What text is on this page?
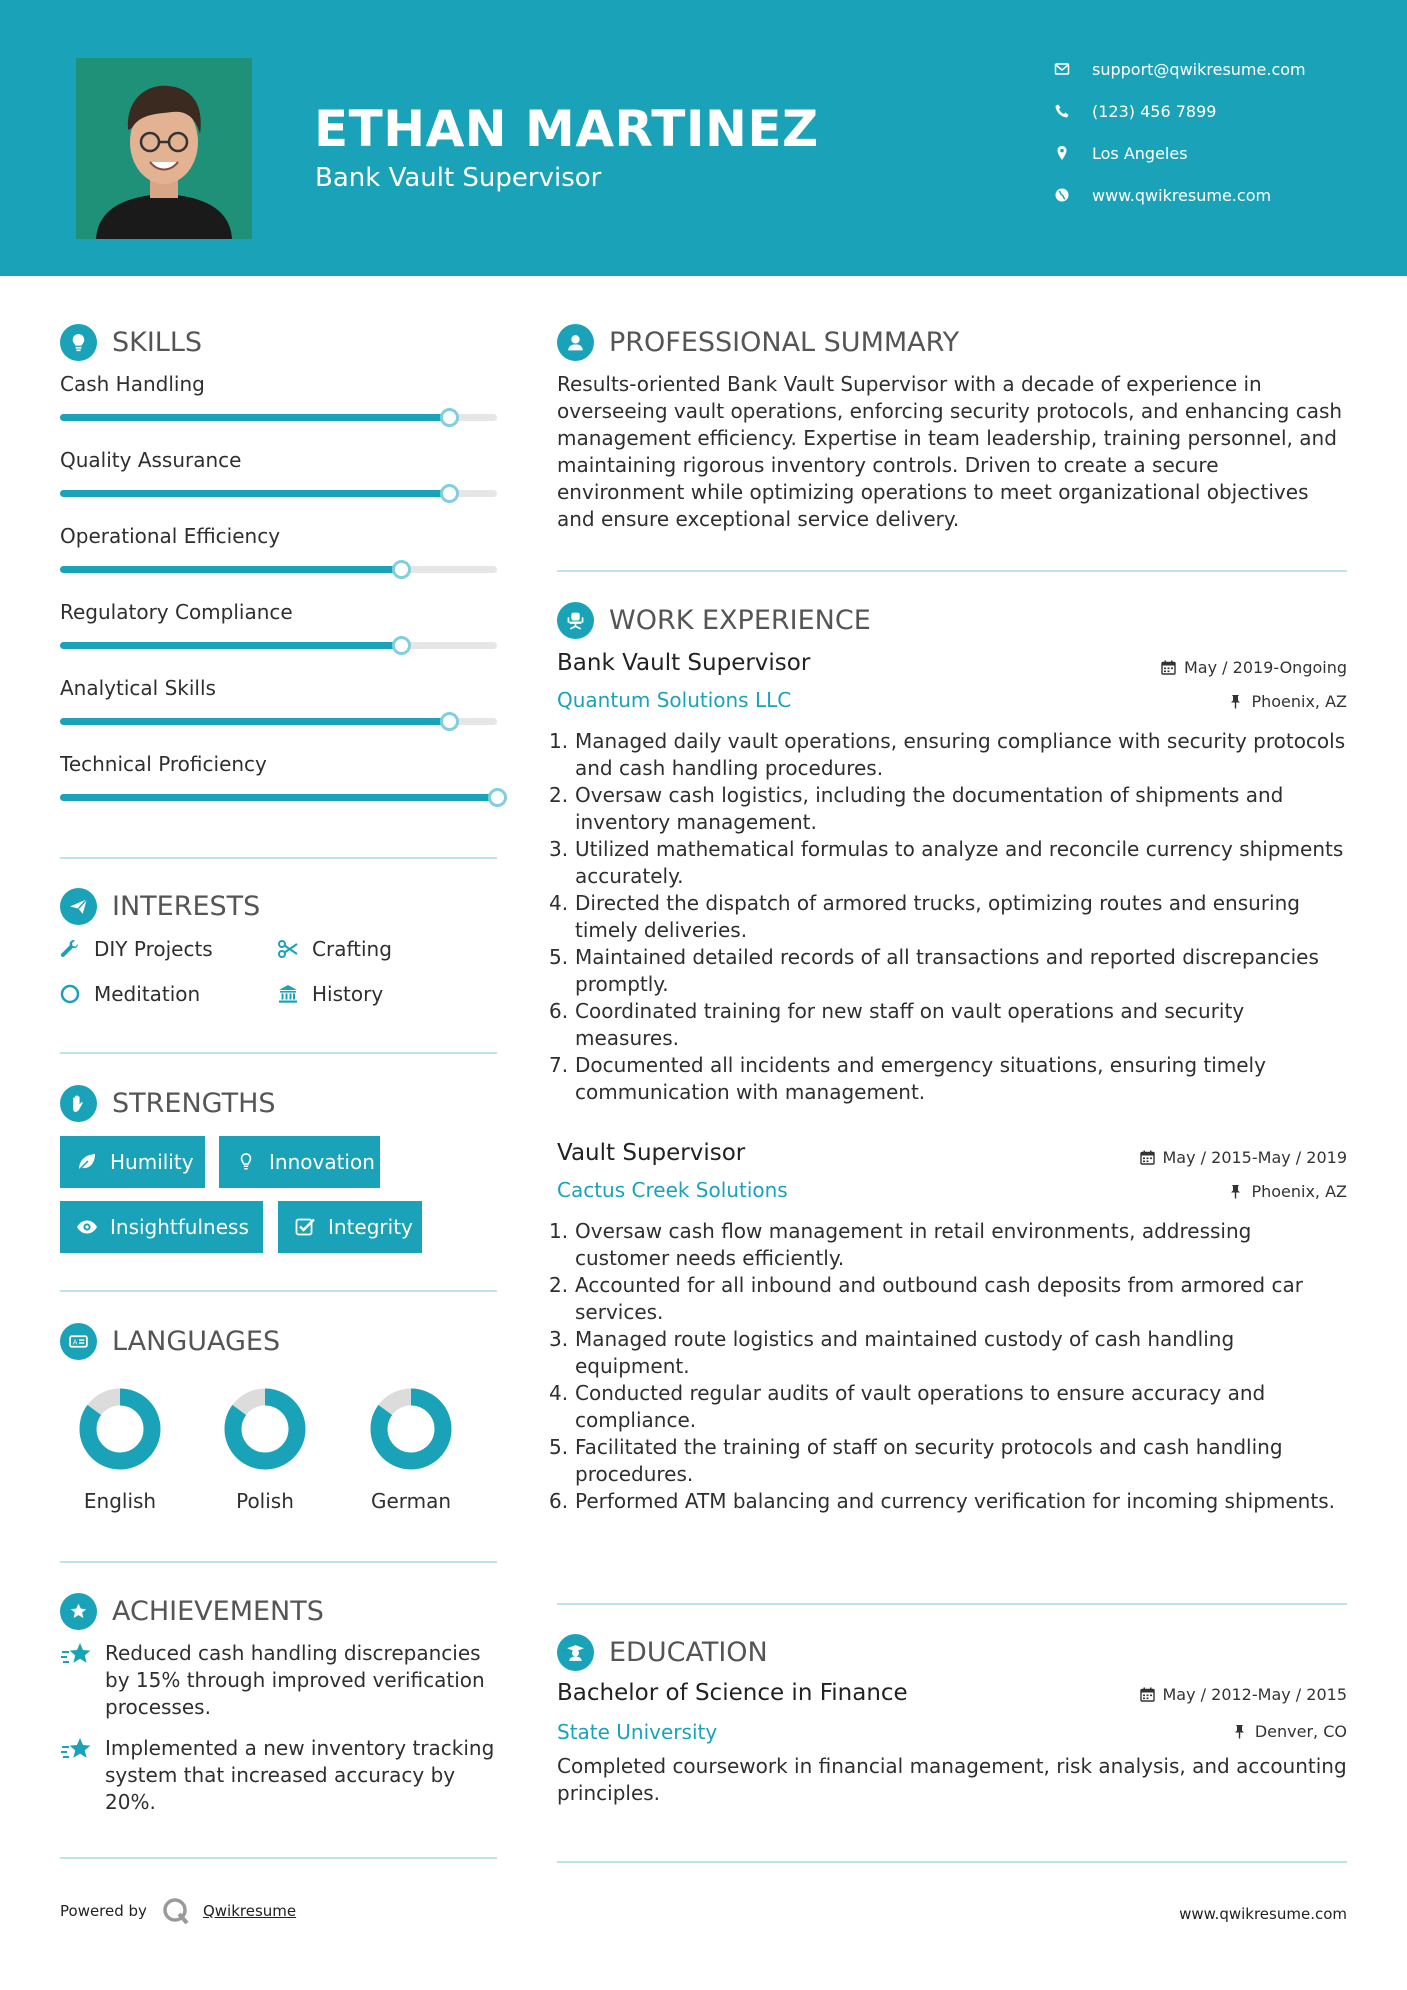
ETHAN MARTINEZ
Bank Vault Supervisor
support@qwikresume.com
(123) 456 7899
Los Angeles
www.qwikresume.com
SKILLS
Cash Handling
Quality Assurance
Operational Efficiency
Regulatory Compliance
Analytical Skills
Technical Proficiency
INTERESTS
DIY Projects	Crafting
Meditation	History
STRENGTHS
Humility	Innovation
Insightfulness	Integrity
A LANGUAGES
English	Polish	German
ACHIEVEMENTS
Reduced cash handling discrepancies by 15% through improved verification processes.
Implemented a new inventory tracking system that increased accuracy by 20%.
PROFESSIONAL SUMMARY
Results-oriented Bank Vault Supervisor with a decade of experience in overseeing vault operations, enforcing security protocols, and enhancing cash management efficiency. Expertise in team leadership, training personnel, and maintaining rigorous inventory controls. Driven to create a secure environment while optimizing operations to meet organizational objectives and ensure exceptional service delivery.
WORK EXPERIENCE
Bank Vault Supervisor
Quantum Solutions LLC
May / 2019-Ongoing
Phoenix, AZ
1. Managed daily vault operations, ensuring compliance with security protocols and cash handling procedures.
2. Oversaw cash logistics, including the documentation of shipments and inventory management.
3. Utilized mathematical formulas to analyze and reconcile currency shipments accurately.
4. Directed the dispatch of armored trucks, optimizing routes and ensuring timely deliveries.
5. Maintained detailed records of all transactions and reported discrepancies promptly.
6. Coordinated training for new staff on vault operations and security measures.
7. Documented all incidents and emergency situations, ensuring timely communication with management.
Vault Supervisor
Cactus Creek Solutions
May / 2015-May / 2019
Phoenix, AZ
1. Oversaw cash flow management in retail environments, addressing customer needs efficiently.
2. Accounted for all inbound and outbound cash deposits from armored car services.
3. Managed route logistics and maintained custody of cash handling equipment.
4. Conducted regular audits of vault operations to ensure accuracy and compliance.
5. Facilitated the training of staff on security protocols and cash handling procedures.
6. Performed ATM balancing and currency verification for incoming shipments.
EDUCATION
Bachelor of Science in Finance
State University
May / 2012-May / 2015
Denver, CO
Completed coursework in financial management, risk analysis, and accounting principles.
Powered by	Qwikresume	www.qwikresume.com
